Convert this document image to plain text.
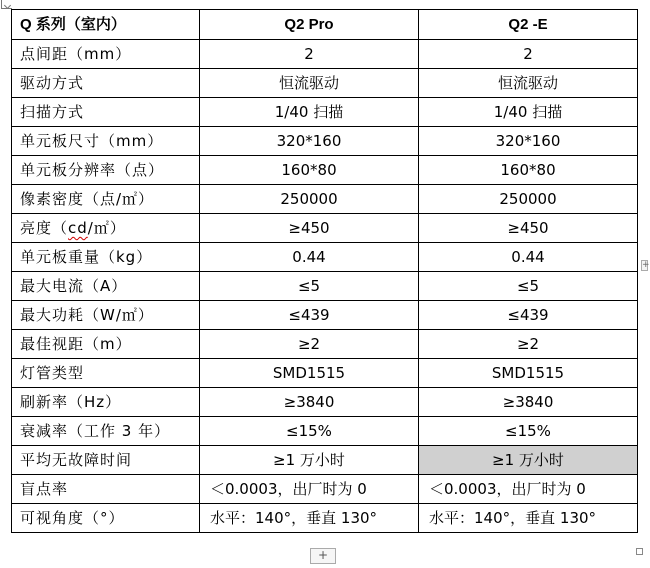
Q 系列（室内）	Q2 Pro	Q2 -E
点间距（mm）	2	2
驱动方式	恒流驱动	恒流驱动
扫描方式	1/40 扫描	1/40 扫描
单元板尺寸（mm）	320*160	320*160
单元板分辨率（点）	160*80	160*80
像素密度（点/㎡）	250000	250000
亮度（cd/㎡）	≥450	≥450
单元板重量（kg）	0.44	0.44
最大电流（A）	≤5	≤5
最大功耗（W/㎡）	≤439	≤439
最佳视距（m）	≥2	≥2
灯管类型	SMD1515	SMD1515
刷新率（Hz）	≥3840	≥3840
衰减率（工作 3 年）	≤15%	≤15%
平均无故障时间	≥1 万小时	≥1 万小时
盲点率	＜0.0003，出厂时为 0	＜0.0003，出厂时为 0
可视角度（°）	水平：140°，垂直 130°	水平：140°，垂直 130°
+
+
